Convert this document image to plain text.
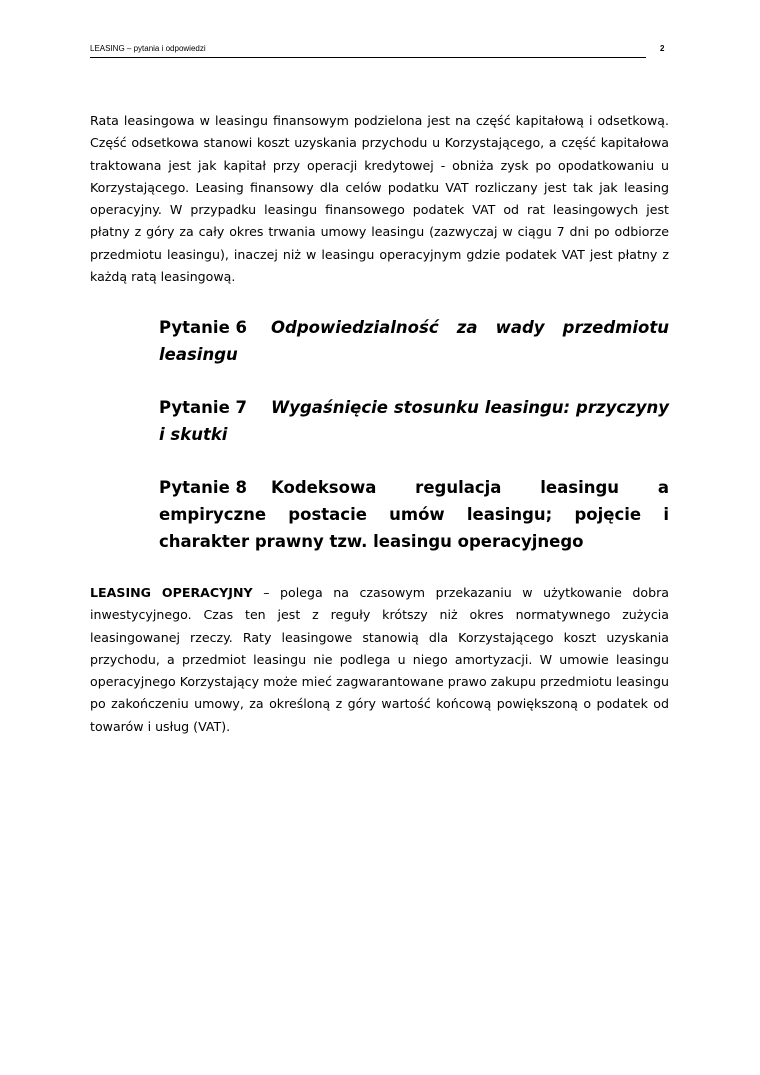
LEASING – pytania i odpowiedzi	2

Rata leasingowa w leasingu finansowym podzielona jest na część kapitałową i odsetkową. Część odsetkowa stanowi koszt uzyskania przychodu u Korzystającego, a część kapitałowa traktowana jest jak kapitał przy operacji kredytowej - obniża zysk po opodatkowaniu u Korzystającego. Leasing finansowy dla celów podatku VAT rozliczany jest tak jak leasing operacyjny. W przypadku leasingu finansowego podatek VAT od rat leasingowych jest płatny z góry za cały okres trwania umowy leasingu (zazwyczaj w ciągu 7 dni po odbiorze przedmiotu leasingu), inaczej niż w leasingu operacyjnym gdzie podatek VAT jest płatny z każdą ratą leasingową.

Pytanie 6 Odpowiedzialność za wady przedmiotu leasingu
Pytanie 7 Wygaśnięcie stosunku leasingu: przyczyny i skutki
Pytanie 8 Kodeksowa regulacja leasingu a empiryczne postacie umów leasingu; pojęcie i charakter prawny tzw. leasingu operacyjnego

LEASING OPERACYJNY – polega na czasowym przekazaniu w użytkowanie dobra inwestycyjnego. Czas ten jest z reguły krótszy niż okres normatywnego zużycia leasingowanej rzeczy. Raty leasingowe stanowią dla Korzystającego koszt uzyskania przychodu, a przedmiot leasingu nie podlega u niego amortyzacji. W umowie leasingu operacyjnego Korzystający może mieć zagwarantowane prawo zakupu przedmiotu leasingu po zakończeniu umowy, za określoną z góry wartość końcową powiększoną o podatek od towarów i usług (VAT).
